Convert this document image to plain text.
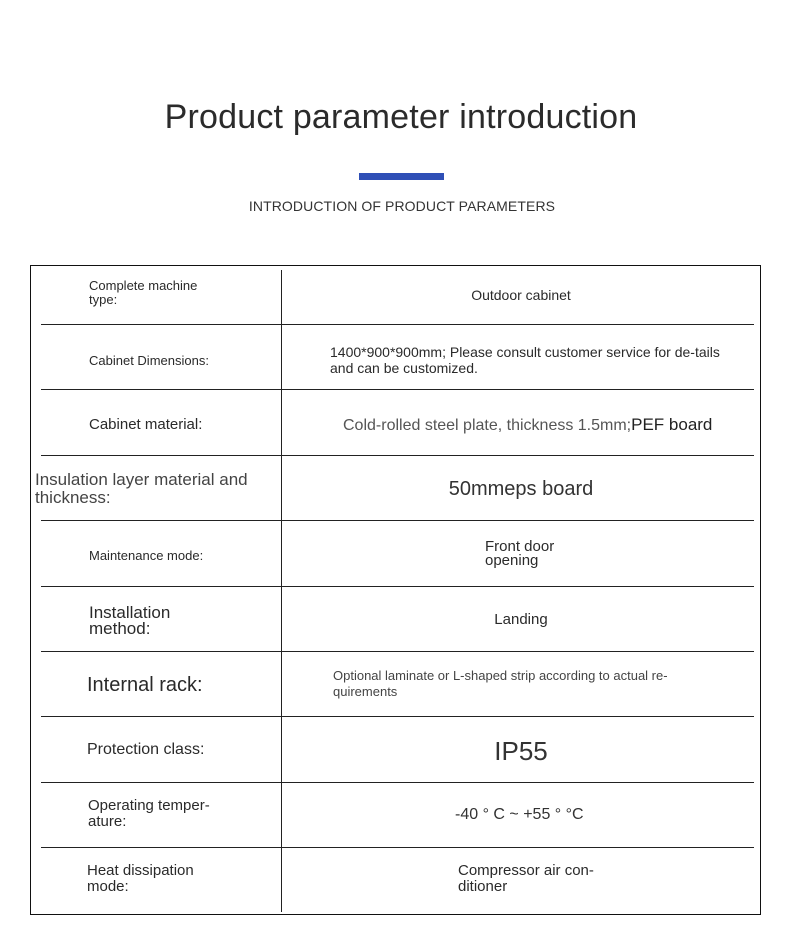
Product parameter introduction
INTRODUCTION OF PRODUCT PARAMETERS
Complete machine type:	Outdoor cabinet
Cabinet Dimensions:
1400*900*900mm; Please consult customer service for de-tails and can be customized.
Cabinet material:	Cold-rolled steel plate, thickness 1.5mm;PEF board
Insulation layer material and thickness:	50mmeps board
Maintenance mode:
Front door opening
Installation method:	Landing
Internal rack:	Optional laminate or L-shaped strip according to actual re-quirements
Protection class:	IP55
Operating temper-ature:	-40 ° C ~ +55 ° °C
Heat dissipation mode:
Compressor air con-ditioner
